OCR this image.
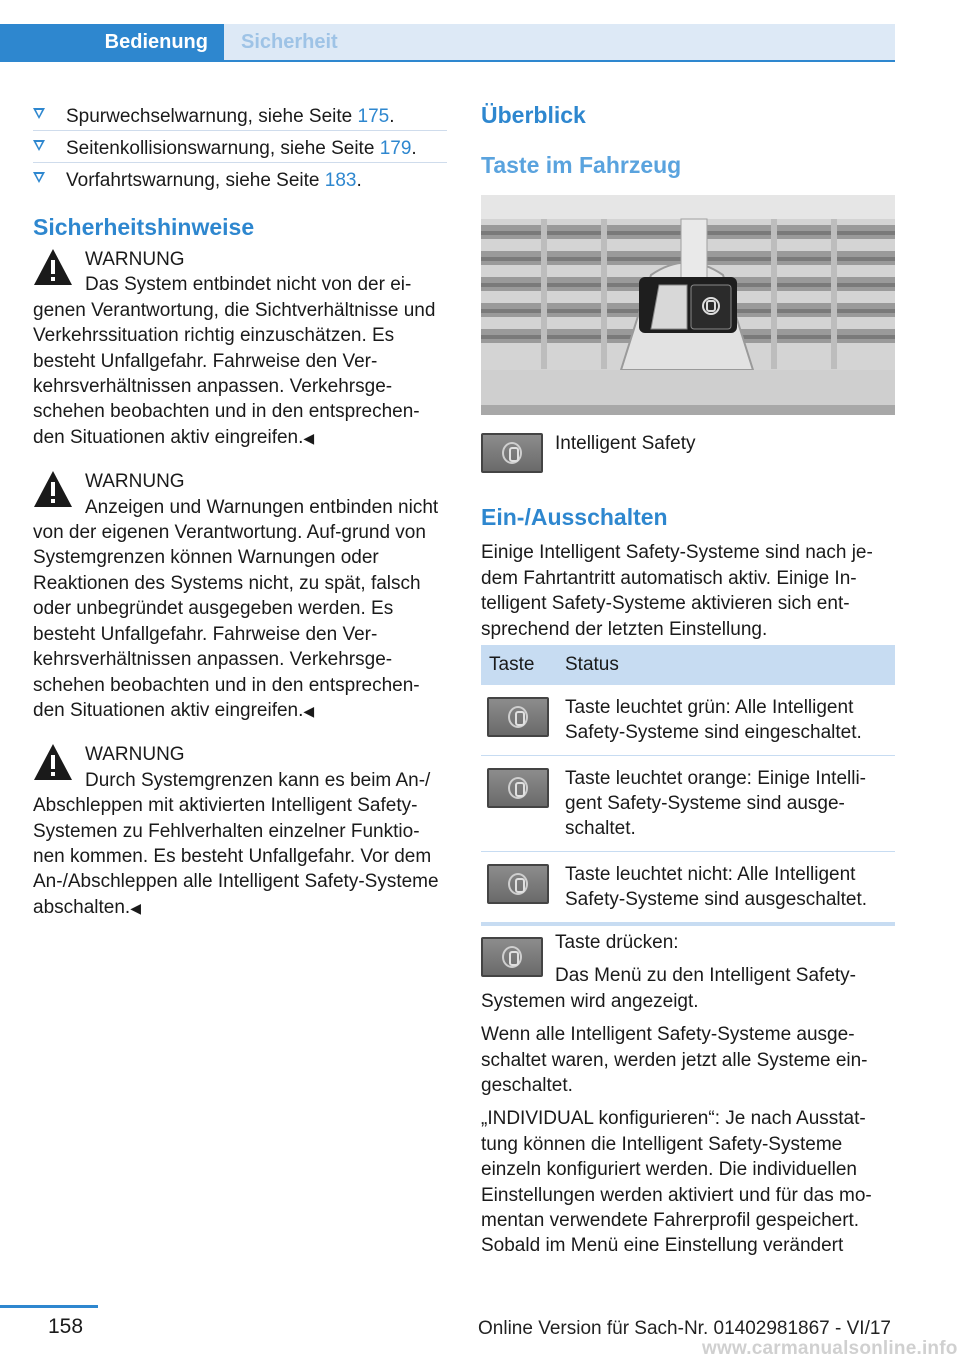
Bedienung	Sicherheit
Spurwechselwarnung, siehe Seite 175.
Seitenkollisionswarnung, siehe Seite 179.
Vorfahrtswarnung, siehe Seite 183.
Sicherheitshinweise

WARNUNG

Das System entbindet nicht von der ei-genen Verantwortung, die Sichtverhältnisse und Verkehrssituation richtig einzuschätzen. Es besteht Unfallgefahr. Fahrweise den Ver-kehrsverhältnissen anpassen. Verkehrsge-schehen beobachten und in den entsprechen-den Situationen aktiv eingreifen.◀

WARNUNG

Anzeigen und Warnungen entbinden nicht von der eigenen Verantwortung. Auf-grund von Systemgrenzen können Warnungen oder Reaktionen des Systems nicht, zu spät, falsch oder unbegründet ausgegeben werden. Es besteht Unfallgefahr. Fahrweise den Ver-kehrsverhältnissen anpassen. Verkehrsge-schehen beobachten und in den entsprechen-den Situationen aktiv eingreifen.◀

WARNUNG

Durch Systemgrenzen kann es beim An-/ Abschleppen mit aktivierten Intelligent Safety-Systemen zu Fehlverhalten einzelner Funktio-nen kommen. Es besteht Unfallgefahr. Vor dem An-/Abschleppen alle Intelligent Safety-Systeme abschalten.◀

Überblick
Taste im Fahrzeug
Intelligent Safety
Ein-/Ausschalten

Einige Intelligent Safety-Systeme sind nach je-dem Fahrtantritt automatisch aktiv. Einige In-telligent Safety-Systeme aktivieren sich ent-sprechend der letzten Einstellung.

Taste	Status

	Taste leuchtet grün: Alle Intelligent Safety-Systeme sind eingeschaltet.

	Taste leuchtet orange: Einige Intelli-gent Safety-Systeme sind ausge-schaltet.

	Taste leuchtet nicht: Alle Intelligent Safety-Systeme sind ausgeschaltet.

Taste drücken:

Das Menü zu den Intelligent Safety-Systemen wird angezeigt.

Wenn alle Intelligent Safety-Systeme ausge-schaltet waren, werden jetzt alle Systeme ein-geschaltet.

„INDIVIDUAL konfigurieren“: Je nach Ausstat-tung können die Intelligent Safety-Systeme einzeln konfiguriert werden. Die individuellen Einstellungen werden aktiviert und für das mo-mentan verwendete Fahrerprofil gespeichert. Sobald im Menü eine Einstellung verändert

158	Online Version für Sach-Nr. 01402981867 - VI/17
www.carmanualsonline.info
